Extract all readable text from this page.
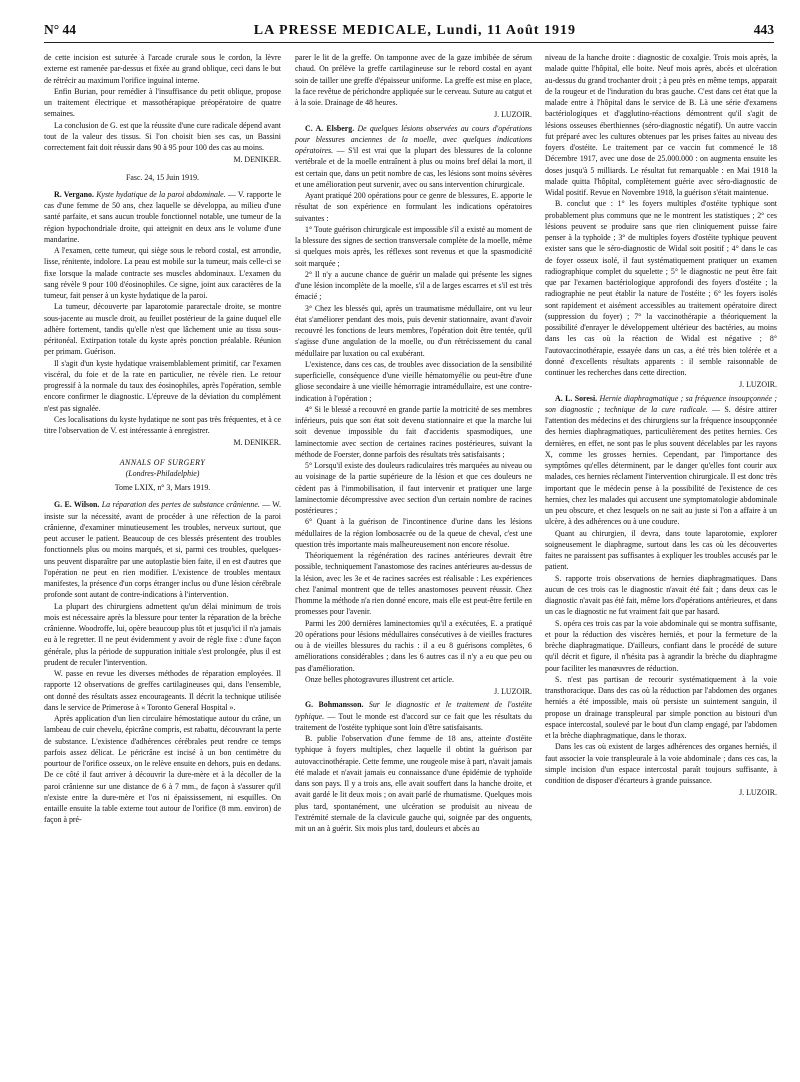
N° 44	LA PRESSE MEDICALE, Lundi, 11 Août 1919	443

de cette incision est suturée à l'arcade crurale sous le cordon, la lèvre externe est ramenée par-dessus et fixée au grand oblique, ceci dans le but de rétrécir au maximum l'orifice inguinal interne.

Enfin Burian, pour remédier à l'insuffisance du petit oblique, propose un traitement électrique et massothérapique préopératoire de quatre semaines.

La conclusion de G. est que la réussite d'une cure radicale dépend avant tout de la valeur des tissus. Si l'on choisit bien ses cas, un Bassini correctement fait doit réussir dans 90 à 95 pour 100 des cas au moins.

M. DENIKER.
Fasc. 24, 15 Juin 1919.

R. Vergano. Kyste hydatique de la paroi abdominale. — V. rapporte le cas d'une femme de 50 ans, chez laquelle se développa, au milieu d'une santé parfaite, et sans aucun trouble fonctionnel notable, une tumeur de la région hypochondriale droite, qui atteignit en deux ans le volume d'une mandarine.

A l'examen, cette tumeur, qui siège sous le rebord costal, est arrondie, lisse, rénitente, indolore. La peau est mobile sur la tumeur, mais celle-ci se fixe lorsque la malade contracte ses muscles abdominaux. L'examen du sang révèle 9 pour 100 d'éosinophiles. Ce signe, joint aux caractères de la tumeur, fait penser à un kyste hydatique de la paroi.

La tumeur, découverte par laparotomie pararectale droite, se montre sous-jacente au muscle droit, au feuillet postérieur de la gaine duquel elle adhère fortement, tandis qu'elle n'est que lâchement unie au tissu sous-péritonéal. Extirpation totale du kyste après ponction préalable. Réunion per primam. Guérison.

Il s'agit d'un kyste hydatique vraisemblablement primitif, car l'examen viscéral, du foie et de la rate en particulier, ne révèle rien. Le retour progressif à la normale du taux des éosinophiles, après l'opération, semble encore confirmer le diagnostic. L'épreuve de la déviation du complément n'est pas signalée.

Ces localisations du kyste hydatique ne sont pas très fréquentes, et à ce titre l'observation de V. est intéressante à enregistrer.

M. DENIKER.
ANNALS OF SURGERY
(Londres-Philadelphie)
Tome LXIX, n° 3, Mars 1919.

G. E. Wilson. La réparation des pertes de substance crânienne. — W. insiste sur la nécessité, avant de procéder à une réfection de la paroi crânienne, d'examiner minutieusement les troubles, nerveux surtout, que peut accuser le patient. Beaucoup de ces blessés présentent des troubles fonctionnels plus ou moins marqués, et si, parmi ces troubles, quelques-uns peuvent disparaître par une autoplastie bien faite, il en est d'autres que l'opération ne peut en rien modifier. L'existence de troubles mentaux manifestes, la présence d'un corps étranger inclus ou d'une lésion cérébrale profonde sont autant de contre-indications à l'intervention.

La plupart des chirurgiens admettent qu'un délai minimum de trois mois est nécessaire après la blessure pour tenter la réparation de la brèche crânienne. Woodroffe, lui, opère beaucoup plus tôt et jusqu'ici il n'a jamais eu à le regretter. Il ne peut évidemment y avoir de règle fixe : d'une façon générale, plus la période de suppuration initiale s'est prolongée, plus il est prudent de reculer l'intervention.

W. passe en revue les diverses méthodes de réparation employées. Il rapporte 12 observations de greffes cartilagineuses qui, dans l'ensemble, ont donné des résultats assez encourageants. Il décrit la technique utilisée dans le service de Primerose à « Toronto General Hospital ».

Après application d'un lien circulaire hémostatique autour du crâne, un lambeau de cuir chevelu, épicrâne compris, est rabattu, découvrant la perte de substance. L'existence d'adhérences cérébrales peut rendre ce temps parfois assez délicat. Le péricrâne est incisé à un bon centimètre du pourtour de l'orifice osseux, on le relève ensuite en dehors, puis en dedans. De ce côté il faut arriver à découvrir la dure-mère et à la décoller de la paroi crânienne sur une distance de 6 à 7 mm., de façon à s'assurer qu'il n'existe entre la dure-mère et l'os ni épaississement, ni esquilles. On entaille ensuite la table externe tout autour de l'orifice (8 mm. environ) de façon à pré-

parer le lit de la greffe. On tamponne avec de la gaze imbibée de sérum chaud. On prélève la greffe cartilagineuse sur le rebord costal en ayant soin de tailler une greffe d'épaisseur uniforme. La greffe est mise en place, la face revêtue de périchondre appliquée sur le cerveau. Suture au catgut et à la soie. Drainage de 48 heures.

J. LUZOIR.

C. A. Elsberg. De quelques lésions observées au cours d'opérations pour blessures anciennes de la moelle, avec quelques indications opératoires. — S'il est vrai que la plupart des blessures de la colonne vertébrale et de la moelle entraînent à plus ou moins bref délai la mort, il est certain que, dans un petit nombre de cas, les lésions sont moins sévères et une amélioration peut survenir, avec ou sans intervention chirurgicale.

Ayant pratiqué 200 opérations pour ce genre de blessures, E. apporte le résultat de son expérience en formulant les indications opératoires suivantes :

1° Toute guérison chirurgicale est impossible s'il a existé au moment de la blessure des signes de section transversale complète de la moelle, même si quelques mois après, les réflexes sont revenus et que la spasmodicité soit marquée ;

2° Il n'y a aucune chance de guérir un malade qui présente les signes d'une lésion incomplète de la moelle, s'il a de larges escarres et s'il est très émacié ;

3° Chez les blessés qui, après un traumatisme médullaire, ont vu leur état s'améliorer pendant des mois, puis devenir stationnaire, avant d'avoir recouvré les fonctions de leurs membres, l'opération doit être tentée, qu'il s'agisse d'une angulation de la moelle, ou d'un rétrécissement du canal médullaire par luxation ou cal exubérant.

L'existence, dans ces cas, de troubles avec dissociation de la sensibilité superficielle, conséquence d'une vieille hématomyélie ou peut-être d'une gliose secondaire à une vieille hémorragie intramédullaire, est une contre-indication à l'opération ;

4° Si le blessé a recouvré en grande partie la motricité de ses membres inférieurs, puis que son état soit devenu stationnaire et que la marche lui soit devenue impossible du fait d'accidents spasmodiques, une laminectomie avec section de certaines racines postérieures, suivant la méthode de Foerster, donne parfois des résultats très satisfaisants ;

5° Lorsqu'il existe des douleurs radiculaires très marquées au niveau ou au voisinage de la partie supérieure de la lésion et que ces douleurs ne cèdent pas à l'immobilisation, il faut intervenir et pratiquer une large laminectomie décompressive avec section d'un certain nombre de racines postérieures ;

6° Quant à la guérison de l'incontinence d'urine dans les lésions médullaires de la région lombosacrée ou de la queue de cheval, c'est une question très importante mais malheureusement non encore résolue.

Théoriquement la régénération des racines antérieures devrait être possible, techniquement l'anastomose des racines antérieures au-dessus de la lésion, avec les 3e et 4e racines sacrées est réalisable : Les expériences chez l'animal montrent que de telles anastomoses peuvent réussir. Chez l'homme la méthode n'a rien donné encore, mais elle est peut-être fertile en promesses pour l'avenir.

Parmi les 200 dernières laminectomies qu'il a exécutées, E. a pratiqué 20 opérations pour lésions médullaires consécutives à de vieilles fractures ou à de vieilles blessures du rachis : il a eu 8 guérisons complètes, 6 améliorations considérables ; dans les 6 autres cas il n'y a eu que peu ou pas d'amélioration.

Onze belles photogravures illustrent cet article.

J. LUZOIR.

G. Bohmansson. Sur le diagnostic et le traitement de l'ostéite typhique. — Tout le monde est d'accord sur ce fait que les résultats du traitement de l'ostéite typhique sont loin d'être satisfaisants.

B. publie l'observation d'une femme de 18 ans, atteinte d'ostéite typhique à foyers multiples, chez laquelle il obtint la guérison par autovaccinothérapie. Cette femme, une rougeole mise à part, n'avait jamais été malade et n'avait jamais eu connaissance d'une épidémie de typhoïde dans son pays. Il y a trois ans, elle avait souffert dans la hanche droite, et avait gardé le lit deux mois ; on avait parlé de rhumatisme. Quelques mois plus tard, spontanément, une ulcération se produisit au niveau de l'extrémité sternale de la clavicule gauche qui, soignée par des onguents, mit un an à guérir. Six mois plus tard, douleurs et abcès au

niveau de la hanche droite : diagnostic de coxalgie. Trois mois après, la malade quitte l'hôpital, elle boite. Neuf mois après, abcès et ulcération au-dessus du grand trochanter droit ; à peu près en même temps, apparait de la rougeur et de l'induration du bras gauche. C'est dans cet état que la malade entre à l'hôpital dans le service de B. Là une série d'examens bactériologiques et d'agglutino-réactions démontrent qu'il s'agit de lésions osseuses éberthiennes (séro-diagnostic négatif). Un autre vaccin fut préparé avec les cultures obtenues par les prises faites au niveau des foyers d'ostéite. Le traitement par ce vaccin fut commencé le 18 Décembre 1917, avec une dose de 25.000.000 : on augmenta ensuite les doses jusqu'à 5 milliards. Le résultat fut remarquable : en Mai 1918 la malade quitta l'hôpital, complètement guérie avec séro-diagnostic de Widal positif. Revue en Novembre 1918, la guérison s'était maintenue.

B. conclut que : 1° les foyers multiples d'ostéite typhique sont probablement plus communs que ne le montrent les statistiques ; 2° ces lésions peuvent se produire sans que rien cliniquement puisse faire penser à la typhoïde ; 3° de multiples foyers d'ostéite typhique peuvent exister sans que le séro-diagnostic de Widal soit positif ; 4° dans le cas de foyer osseux isolé, il faut systématiquement pratiquer un examen radiographique complet du squelette ; 5° le diagnostic ne peut être fait que par l'examen bactériologique approfondi des foyers d'ostéite ; la radiographie ne peut établir la nature de l'ostéite ; 6° les foyers isolés sont rapidement et aisément accessibles au traitement opératoire direct (suppression du foyer) ; 7° la vaccinothérapie a théoriquement la possibilité d'enrayer le développement ultérieur des bactéries, au moins dans les cas où la réaction de Widal est négative ; 8° l'autovaccinothérapie, essayée dans un cas, a été très bien tolérée et a donné d'excellents résultats apparents : il semble raisonnable de continuer les recherches dans cette direction.

J. LUZOIR.

A. L. Soresi. Hernie diaphragmatique ; sa fréquence insoupçonnée ; son diagnostic ; technique de la cure radicale. — S. désire attirer l'attention des médecins et des chirurgiens sur la fréquence insoupçonnée des hernies diaphragmatiques, particulièrement des petites hernies. Ces dernières, en effet, ne sont pas le plus souvent décelables par les rayons X, comme les grosses hernies. Cependant, par l'importance des symptômes qu'elles déterminent, par le danger qu'elles font courir aux malades, ces hernies réclament l'intervention chirurgicale. Il est donc très important que le médecin pense à la possibilité de l'existence de ces hernies, chez les malades qui accusent une symptomatologie abdominale un peu obscure, et chez lesquels on ne sait au juste si l'on a affaire à un ulcère, à des adhérences ou à une coudure.

Quant au chirurgien, il devra, dans toute laparotomie, explorer soigneusement le diaphragme, surtout dans les cas où les découvertes faites ne paraissent pas suffisantes à expliquer les troubles accusés par le patient.

S. rapporte trois observations de hernies diaphragmatiques. Dans aucun de ces trois cas le diagnostic n'avait été fait ; dans deux cas le diagnostic n'avait pas été fait, même lors d'opérations antérieures, et dans un cas le diagnostic ne fut vraiment fait que par hasard.

S. opéra ces trois cas par la voie abdominale qui se montra suffisante, et pour la réduction des viscères herniés, et pour la fermeture de la brèche diaphragmatique. D'ailleurs, confiant dans le procédé de suture qu'il décrit et figure, il n'hésita pas à agrandir la brèche du diaphragme pour faciliter les manœuvres de réduction.

S. n'est pas partisan de recourir systématiquement à la voie transthoracique. Dans des cas où la réduction par l'abdomen des organes herniés a été impossible, mais où persiste un suintement sanguin, il propose un drainage transpleural par simple ponction au bistouri d'un espace intercostal, soulevé par le bout d'un clamp engagé, par l'abdomen et la brèche diaphragmatique, dans le thorax.

Dans les cas où existent de larges adhérences des organes herniés, il faut associer la voie transpleurale à la voie abdominale ; dans ces cas, la simple incision d'un espace intercostal paraît toujours suffisante, à condition de disposer d'écarteurs à grande puissance.

J. LUZOIR.
